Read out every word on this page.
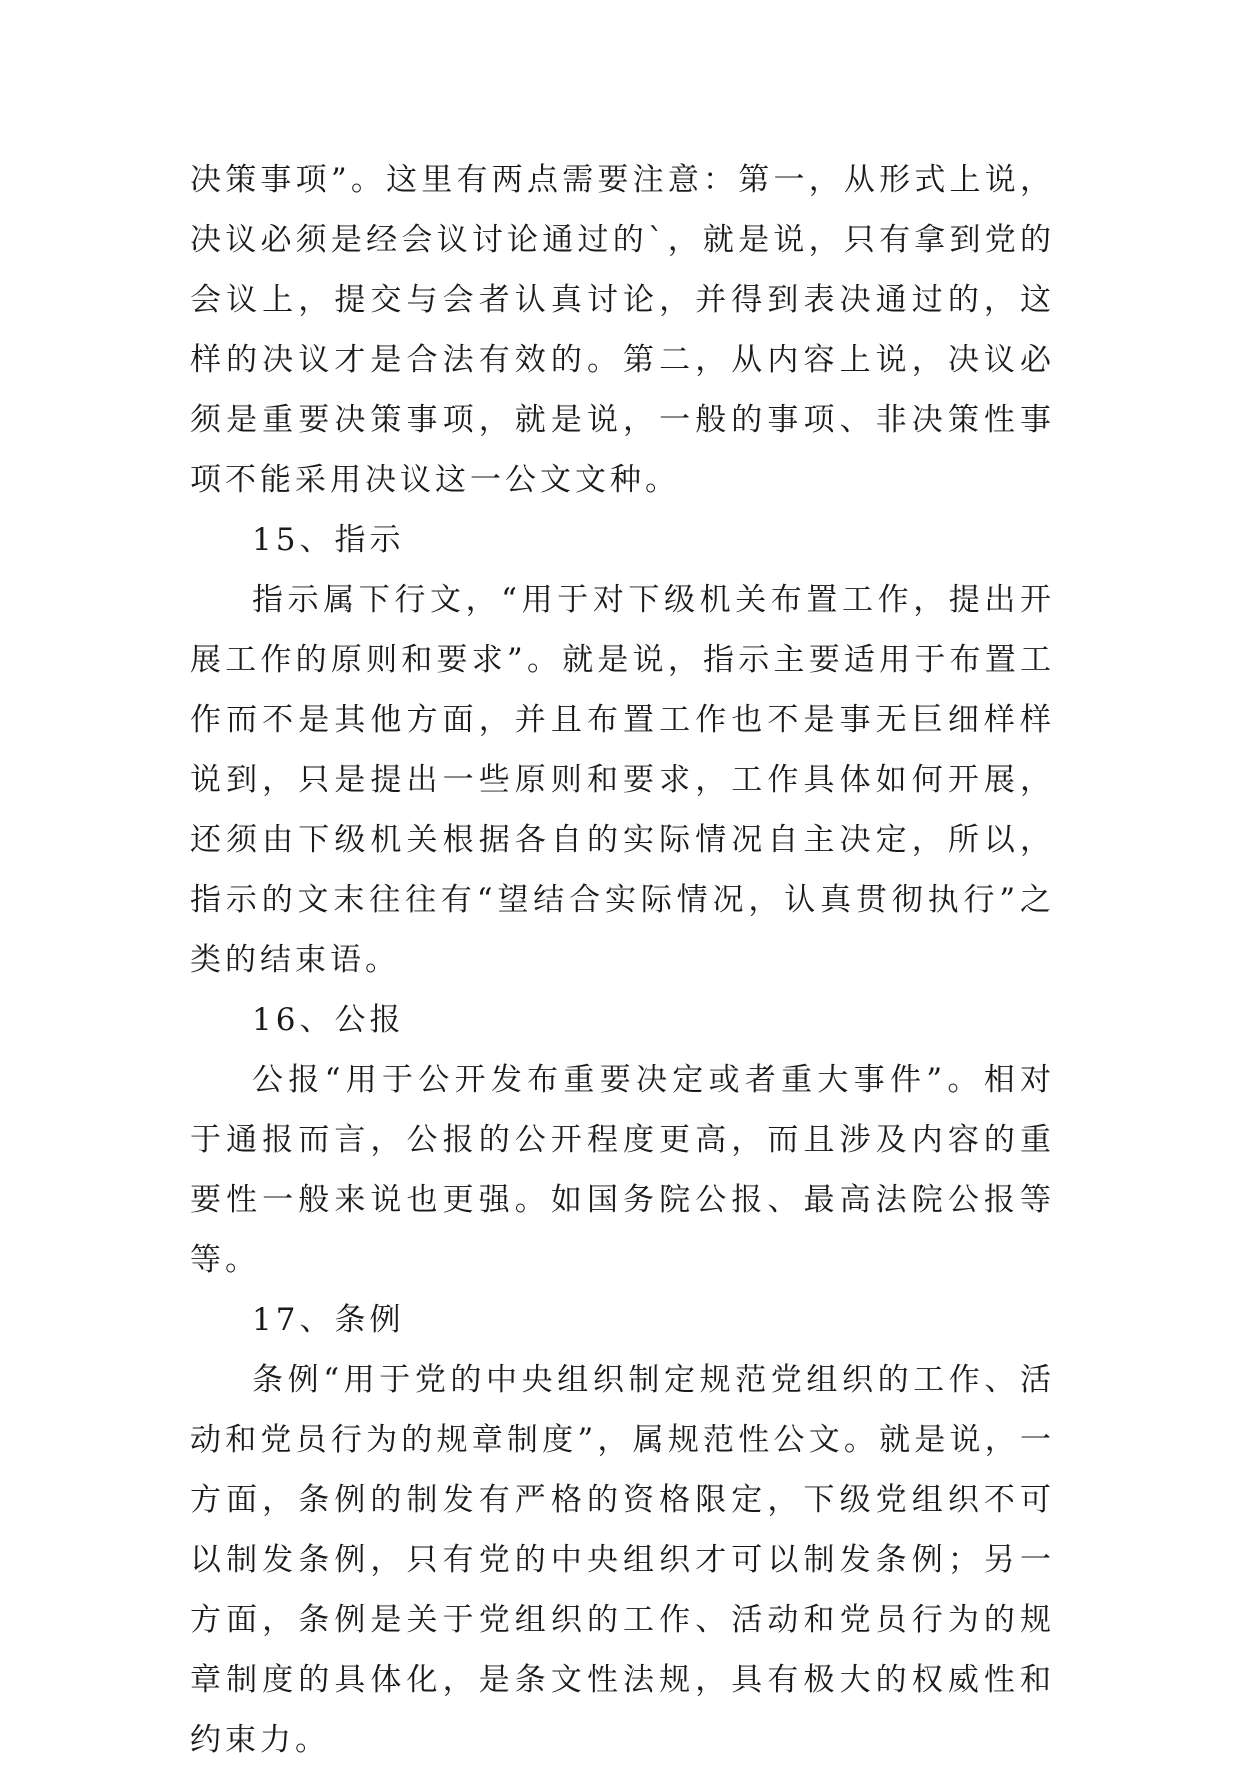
决策事项”。这里有两点需要注意：第一，从形式上说，决议必须是经会议讨论通过的`，就是说，只有拿到党的会议上，提交与会者认真讨论，并得到表决通过的，这样的决议才是合法有效的。第二，从内容上说，决议必须是重要决策事项，就是说，一般的事项、非决策性事项不能采用决议这一公文文种。

15、指示

指示属下行文，“用于对下级机关布置工作，提出开展工作的原则和要求”。就是说，指示主要适用于布置工作而不是其他方面，并且布置工作也不是事无巨细样样说到，只是提出一些原则和要求，工作具体如何开展，还须由下级机关根据各自的实际情况自主决定，所以，指示的文末往往有“望结合实际情况，认真贯彻执行”之类的结束语。

16、公报

公报“用于公开发布重要决定或者重大事件”。相对于通报而言，公报的公开程度更高，而且涉及内容的重要性一般来说也更强。如国务院公报、最高法院公报等等。

17、条例

条例“用于党的中央组织制定规范党组织的工作、活动和党员行为的规章制度”，属规范性公文。就是说，一方面，条例的制发有严格的资格限定，下级党组织不可以制发条例，只有党的中央组织才可以制发条例；另一方面，条例是关于党组织的工作、活动和党员行为的规章制度的具体化，是条文性法规，具有极大的权威性和约束力。
